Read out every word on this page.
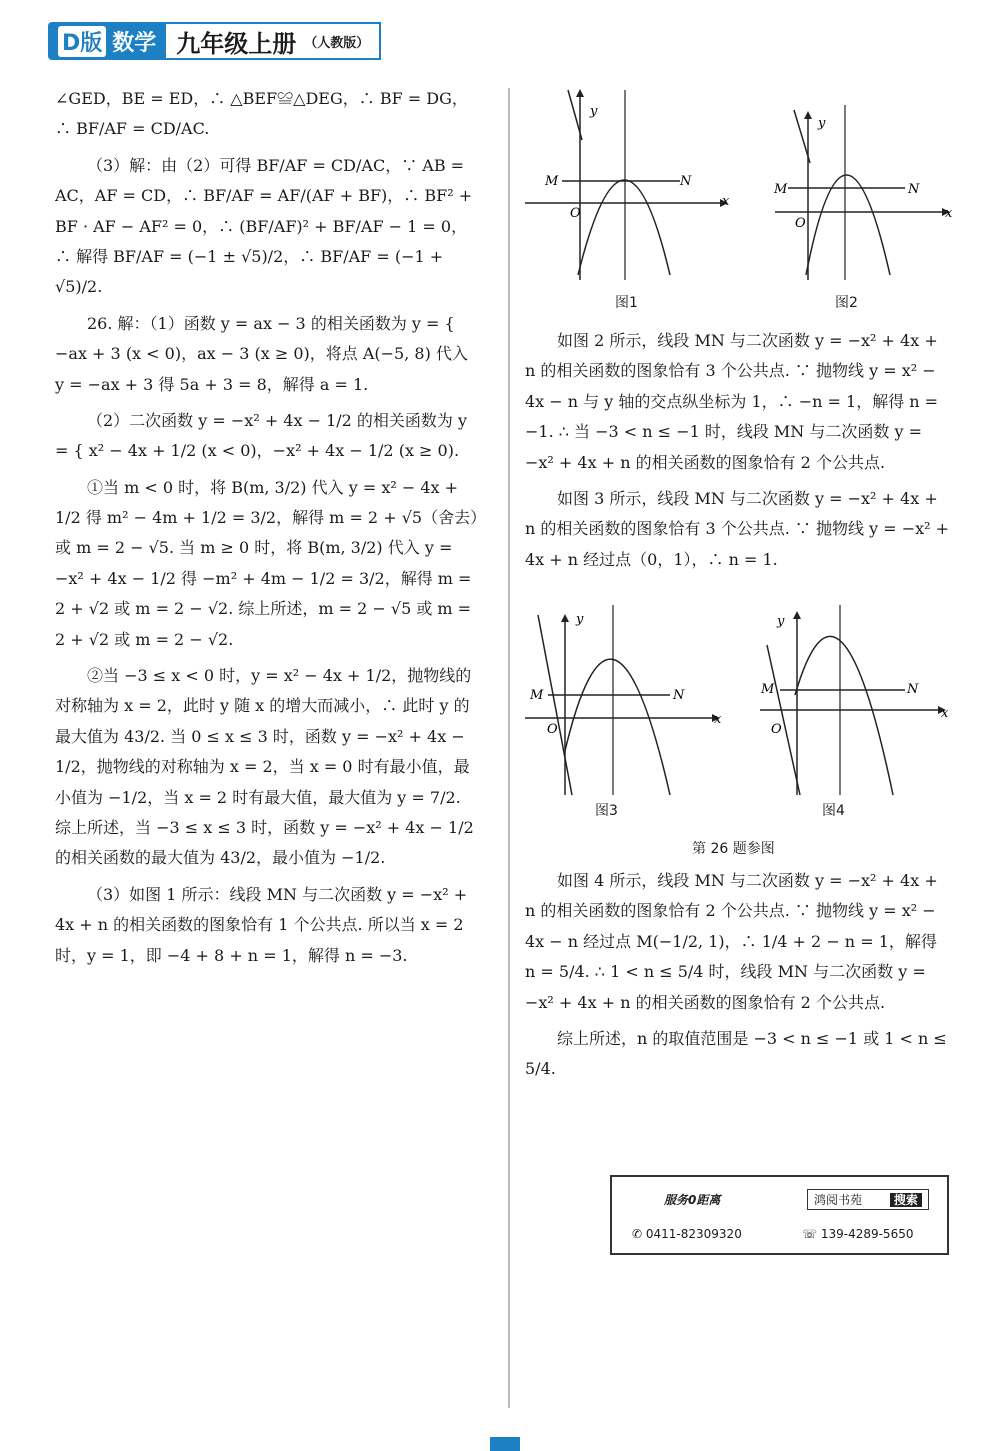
D版 数学 九年级上册 （人教版）

∠GED，BE = ED，∴ △BEF≌△DEG，∴ BF = DG，∴ BF/AF = CD/AC.

（3）解：由（2）可得 BF/AF = CD/AC，∵ AB = AC，AF = CD，∴ BF/AF = AF/(AF + BF)，∴ BF² + BF · AF − AF² = 0，∴ (BF/AF)² + BF/AF − 1 = 0，∴ 解得 BF/AF = (−1 ± √5)/2，∴ BF/AF = (−1 + √5)/2.

26. 解：（1）函数 y = ax − 3 的相关函数为 y = { −ax + 3 (x < 0)，ax − 3 (x ≥ 0)，将点 A(−5, 8) 代入 y = −ax + 3 得 5a + 3 = 8，解得 a = 1.

（2）二次函数 y = −x² + 4x − 1/2 的相关函数为 y = { x² − 4x + 1/2 (x < 0)，−x² + 4x − 1/2 (x ≥ 0).

①当 m < 0 时，将 B(m, 3/2) 代入 y = x² − 4x + 1/2 得 m² − 4m + 1/2 = 3/2，解得 m = 2 + √5（舍去）或 m = 2 − √5. 当 m ≥ 0 时，将 B(m, 3/2) 代入 y = −x² + 4x − 1/2 得 −m² + 4m − 1/2 = 3/2，解得 m = 2 + √2 或 m = 2 − √2. 综上所述，m = 2 − √5 或 m = 2 + √2 或 m = 2 − √2.

②当 −3 ≤ x < 0 时，y = x² − 4x + 1/2，抛物线的对称轴为 x = 2，此时 y 随 x 的增大而减小，∴ 此时 y 的最大值为 43/2. 当 0 ≤ x ≤ 3 时，函数 y = −x² + 4x − 1/2，抛物线的对称轴为 x = 2，当 x = 0 时有最小值，最小值为 −1/2，当 x = 2 时有最大值，最大值为 y = 7/2. 综上所述，当 −3 ≤ x ≤ 3 时，函数 y = −x² + 4x − 1/2 的相关函数的最大值为 43/2，最小值为 −1/2.

（3）如图 1 所示：线段 MN 与二次函数 y = −x² + 4x + n 的相关函数的图象恰有 1 个公共点. 所以当 x = 2 时，y = 1，即 −4 + 8 + n = 1，解得 n = −3.

y
x
M	N
O
图1
y
x
M	N
O
图2

如图 2 所示，线段 MN 与二次函数 y = −x² + 4x + n 的相关函数的图象恰有 3 个公共点. ∵ 抛物线 y = x² − 4x − n 与 y 轴的交点纵坐标为 1，∴ −n = 1，解得 n = −1. ∴ 当 −3 < n ≤ −1 时，线段 MN 与二次函数 y = −x² + 4x + n 的相关函数的图象恰有 2 个公共点.

如图 3 所示，线段 MN 与二次函数 y = −x² + 4x + n 的相关函数的图象恰有 3 个公共点. ∵ 抛物线 y = −x² + 4x + n 经过点（0，1），∴ n = 1.

y
x
M	N
O
图3
y
x
M	N
O
图4
第 26 题参图

如图 4 所示，线段 MN 与二次函数 y = −x² + 4x + n 的相关函数的图象恰有 2 个公共点. ∵ 抛物线 y = x² − 4x − n 经过点 M(−1/2, 1)，∴ 1/4 + 2 − n = 1，解得 n = 5/4. ∴ 1 < n ≤ 5/4 时，线段 MN 与二次函数 y = −x² + 4x + n 的相关函数的图象恰有 2 个公共点.

综上所述，n 的取值范围是 −3 < n ≤ −1 或 1 < n ≤ 5/4.

服务0距离	鸿阅书苑	搜索
✆ 0411-82309320	☏ 139-4289-5650
